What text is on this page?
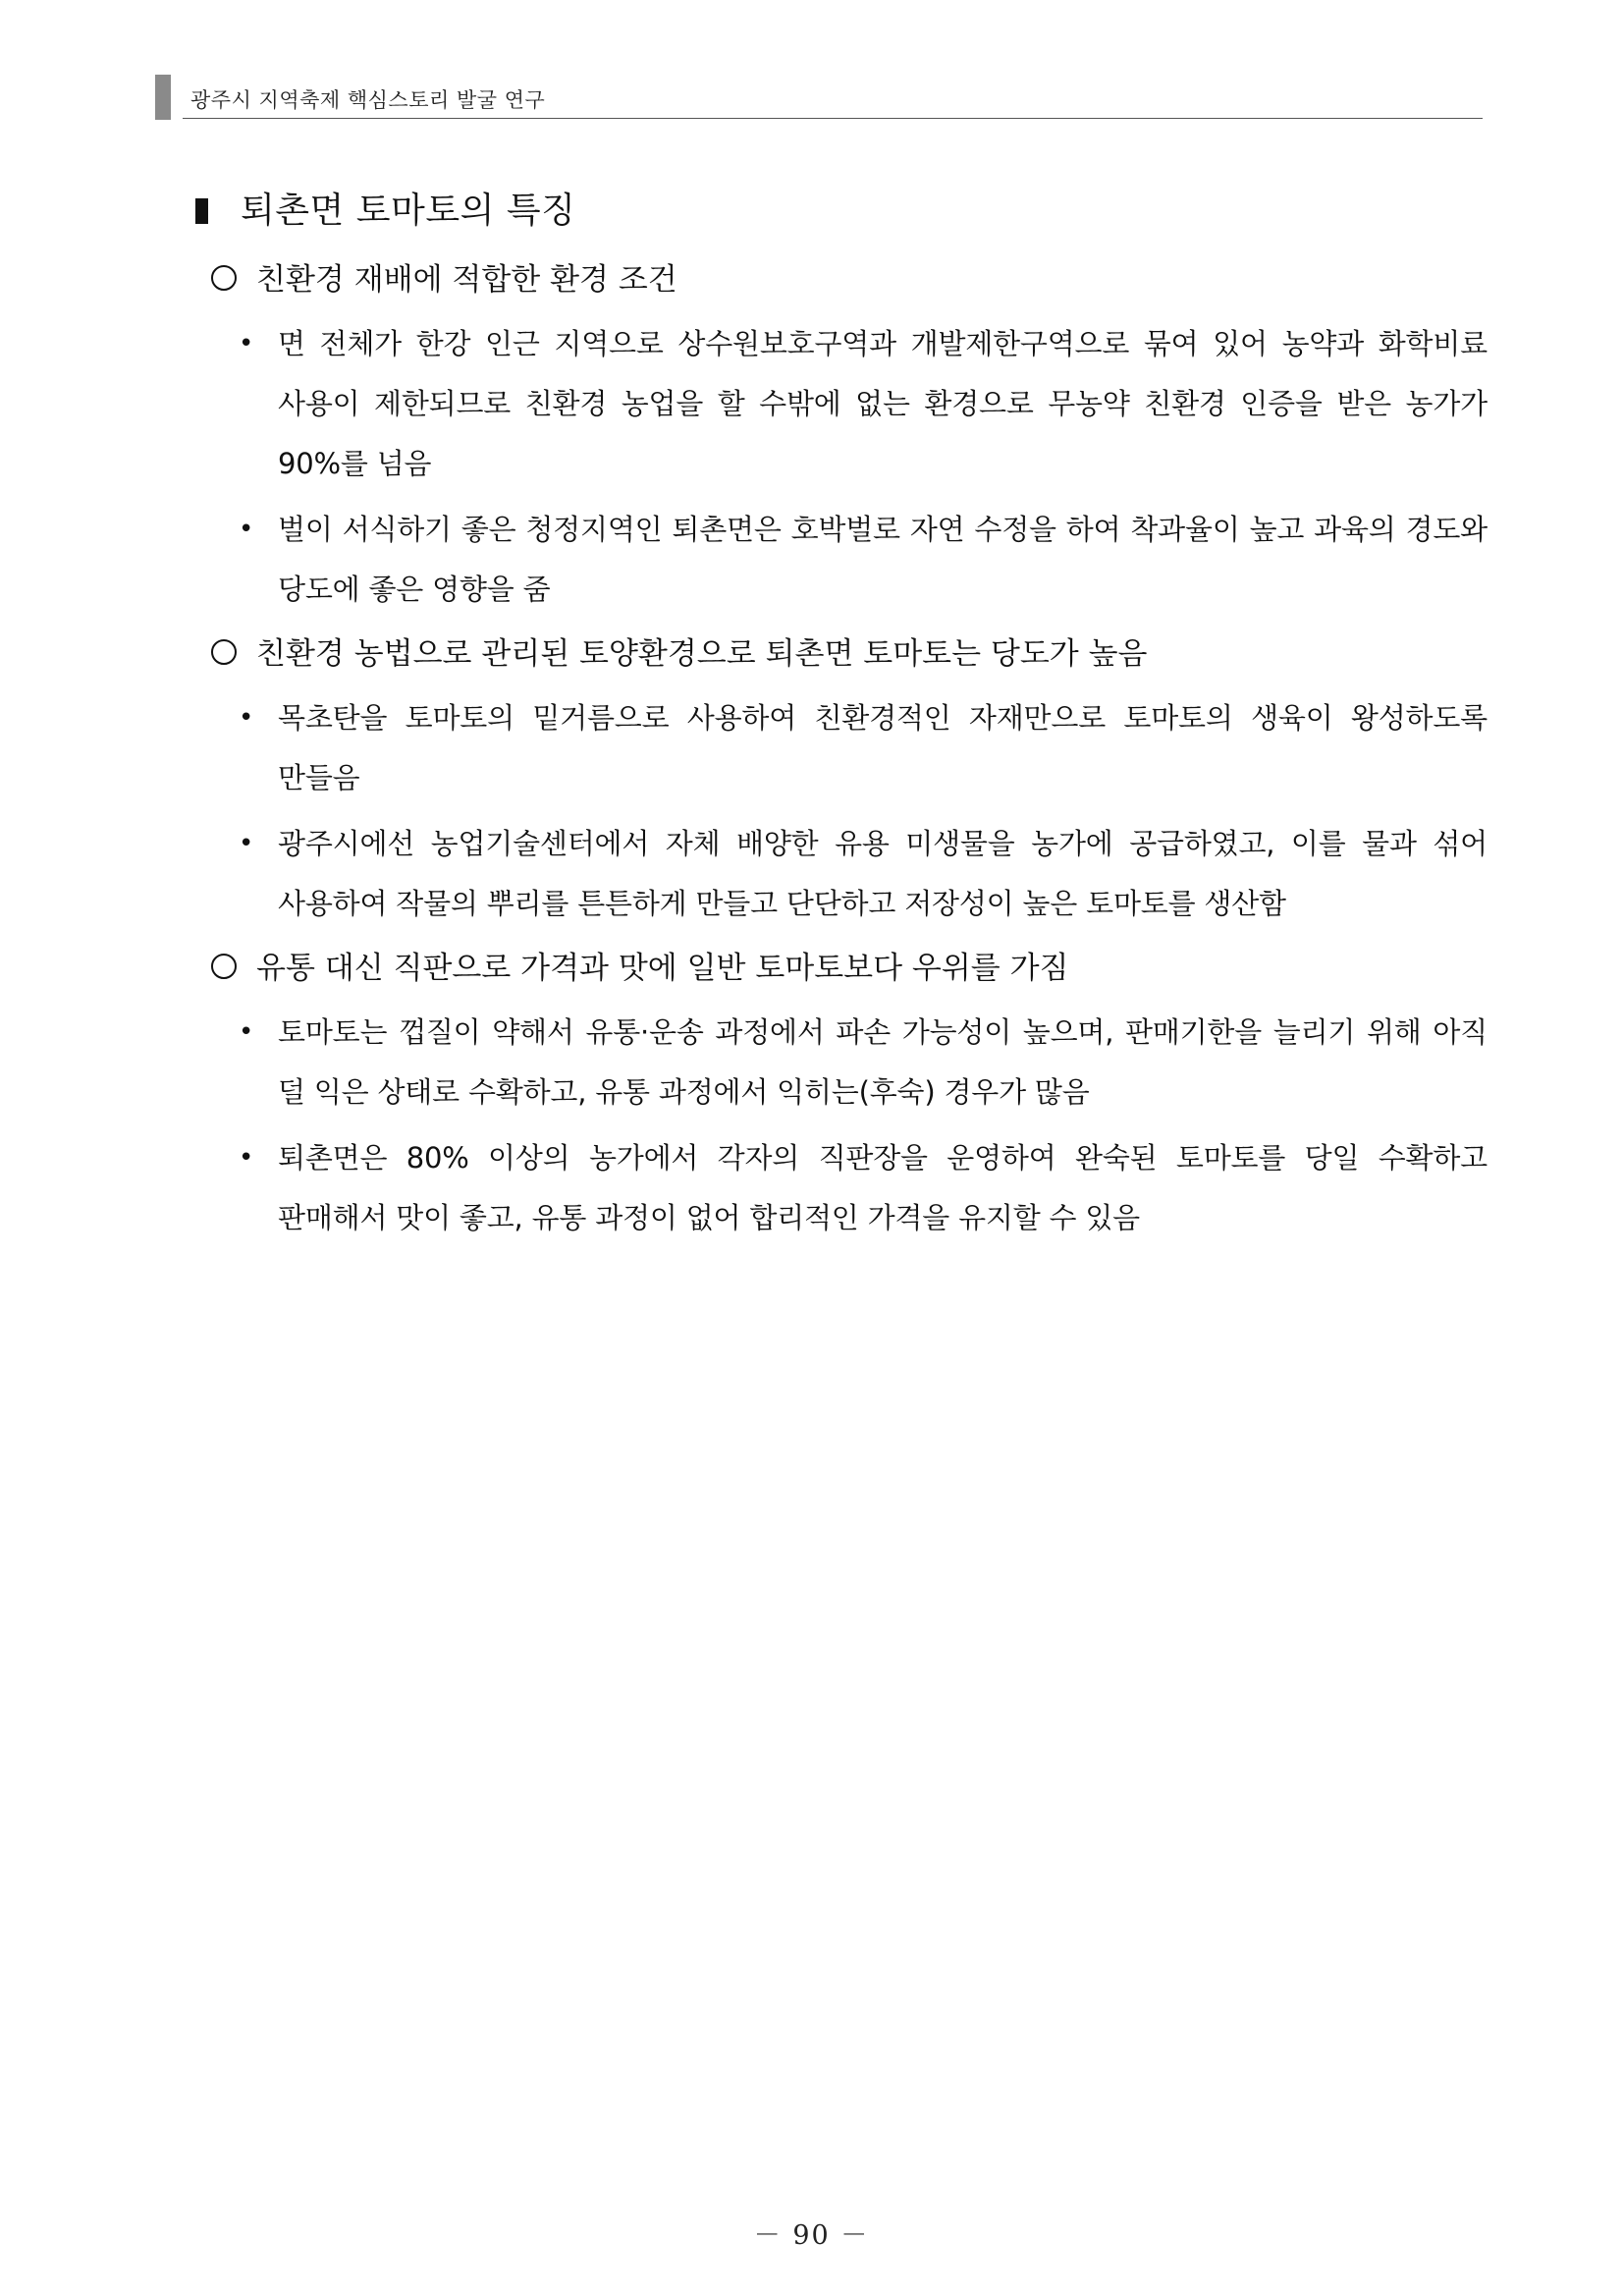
광주시 지역축제 핵심스토리 발굴 연구
퇴촌면 토마토의 특징
친환경 재배에 적합한 환경 조건
• 면 전체가 한강 인근 지역으로 상수원보호구역과 개발제한구역으로 묶여 있어 농약과 화학비료 사용이 제한되므로 친환경 농업을 할 수밖에 없는 환경으로 무농약 친환경 인증을 받은 농가가 90%를 넘음
• 벌이 서식하기 좋은 청정지역인 퇴촌면은 호박벌로 자연 수정을 하여 착과율이 높고 과육의 경도와 당도에 좋은 영향을 줌
친환경 농법으로 관리된 토양환경으로 퇴촌면 토마토는 당도가 높음
• 목초탄을 토마토의 밑거름으로 사용하여 친환경적인 자재만으로 토마토의 생육이 왕성하도록 만들음
• 광주시에선 농업기술센터에서 자체 배양한 유용 미생물을 농가에 공급하였고, 이를 물과 섞어 사용하여 작물의 뿌리를 튼튼하게 만들고 단단하고 저장성이 높은 토마토를 생산함
유통 대신 직판으로 가격과 맛에 일반 토마토보다 우위를 가짐
• 토마토는 껍질이 약해서 유통·운송 과정에서 파손 가능성이 높으며, 판매기한을 늘리기 위해 아직 덜 익은 상태로 수확하고, 유통 과정에서 익히는(후숙) 경우가 많음
• 퇴촌면은 80% 이상의 농가에서 각자의 직판장을 운영하여 완숙된 토마토를 당일 수확하고 판매해서 맛이 좋고, 유통 과정이 없어 합리적인 가격을 유지할 수 있음
－ 90 －
